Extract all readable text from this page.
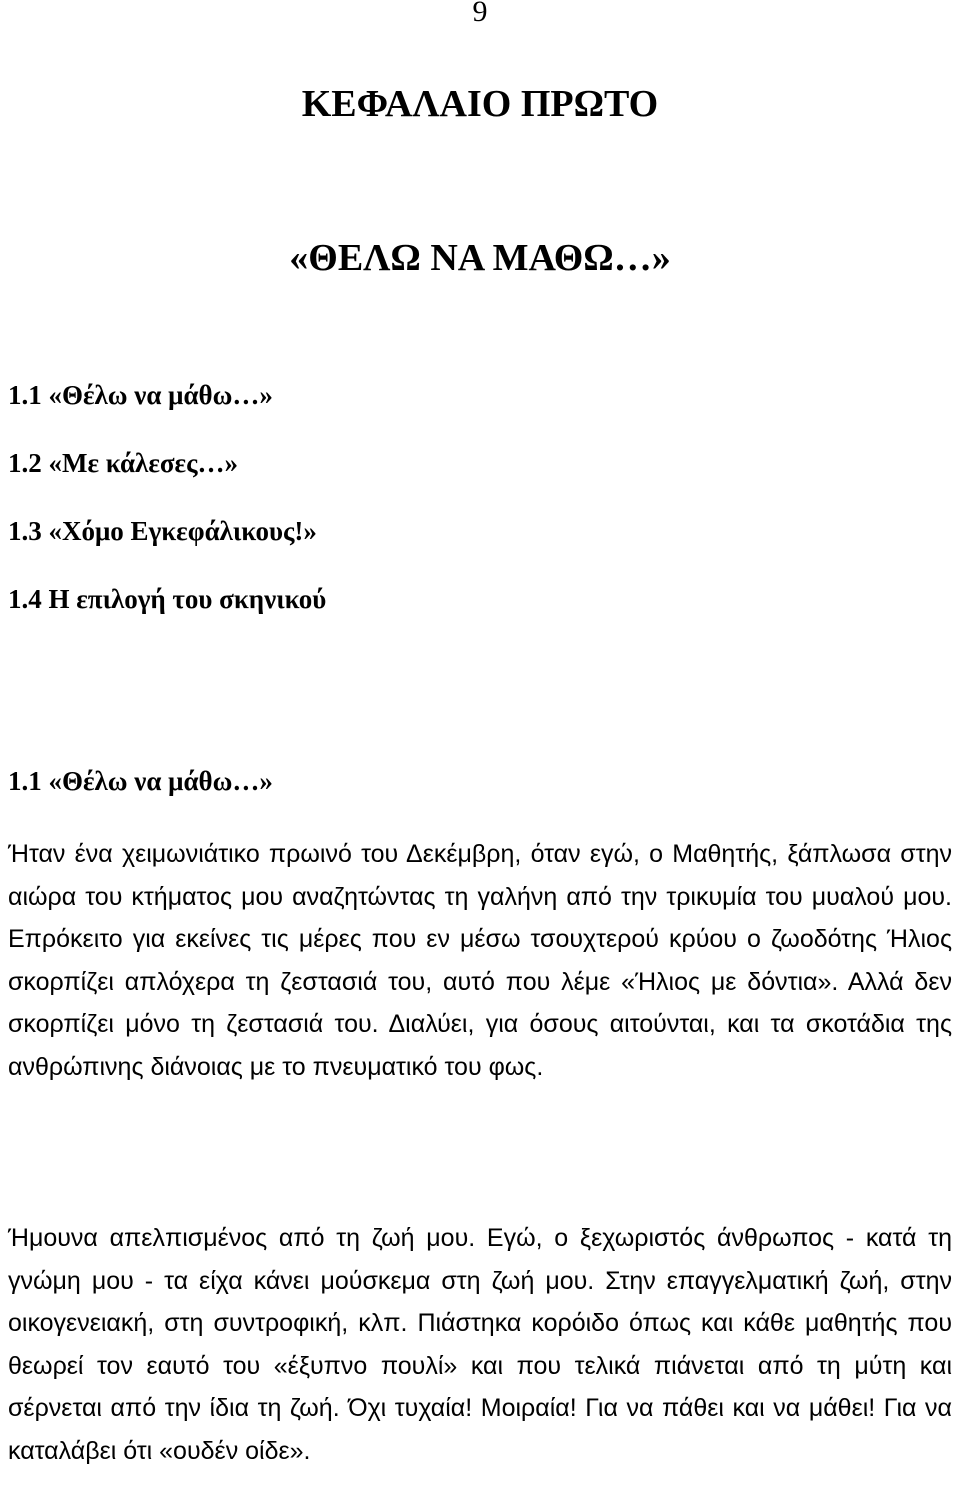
9
ΚΕΦΑΛΑΙΟ ΠΡΩΤΟ
«ΘΕΛΩ ΝΑ ΜΑΘΩ…»
1.1 «Θέλω να μάθω…»
1.2 «Με κάλεσες…»
1.3 «Χόμο Εγκεφάλικους!»
1.4 Η επιλογή του σκηνικού
1.1 «Θέλω να μάθω…»

Ήταν ένα χειμωνιάτικο πρωινό του Δεκέμβρη, όταν εγώ, ο Μαθητής, ξάπλωσα στην αιώρα του κτήματος μου αναζητώντας τη γαλήνη από την τρικυμία του μυαλού μου. Επρόκειτο για εκείνες τις μέρες που εν μέσω τσουχτερού κρύου ο ζωοδότης Ήλιος σκορπίζει απλόχερα τη ζεστασιά του, αυτό που λέμε «Ήλιος με δόντια». Αλλά δεν σκορπίζει μόνο τη ζεστασιά του. Διαλύει, για όσους αιτούνται, και τα σκοτάδια της ανθρώπινης διάνοιας με το πνευματικό του φως.

Ήμουνα απελπισμένος από τη ζωή μου. Εγώ, ο ξεχωριστός άνθρωπος - κατά τη γνώμη μου - τα είχα κάνει μούσκεμα στη ζωή μου. Στην επαγγελματική ζωή, στην οικογενειακή, στη συντροφική, κλπ. Πιάστηκα κορόιδο όπως και κάθε μαθητής που θεωρεί τον εαυτό του «έξυπνο πουλί» και που τελικά πιάνεται από τη μύτη και σέρνεται από την ίδια τη ζωή. Όχι τυχαία! Μοιραία! Για να πάθει και να μάθει! Για να καταλάβει ότι «ουδέν οίδε».
